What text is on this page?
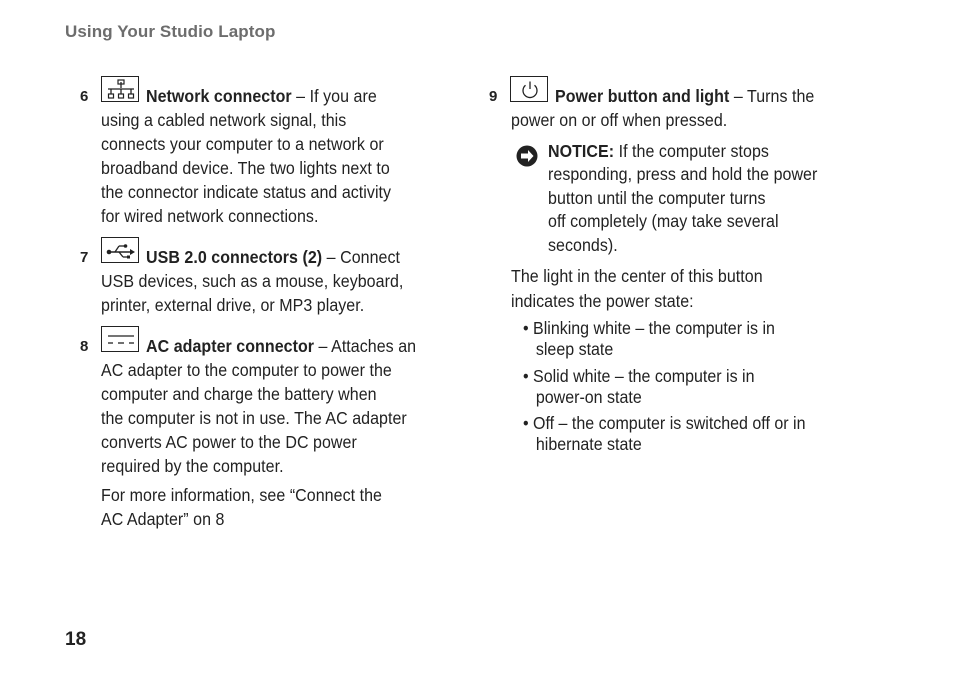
Using Your Studio Laptop
6	Network connector – If you are
using a cabled network signal, this
connects your computer to a network or
broadband device. The two lights next to
the connector indicate status and activity
for wired network connections.
7	USB 2.0 connectors (2) – Connect
USB devices, such as a mouse, keyboard,
printer, external drive, or MP3 player.
8	AC adapter connector – Attaches an
AC adapter to the computer to power the
computer and charge the battery when
the computer is not in use. The AC adapter
converts AC power to the DC power
required by the computer.
For more information, see “Connect the
AC Adapter” on 8
9	Power button and light – Turns the
power on or off when pressed.
NOTICE: If the computer stops
responding, press and hold the power
button until the computer turns
off completely (may take several
seconds).
The light in the center of this button
indicates the power state:
• Blinking white – the computer is in
sleep state
• Solid white – the computer is in
power-on state
• Off – the computer is switched off or in
hibernate state
18
